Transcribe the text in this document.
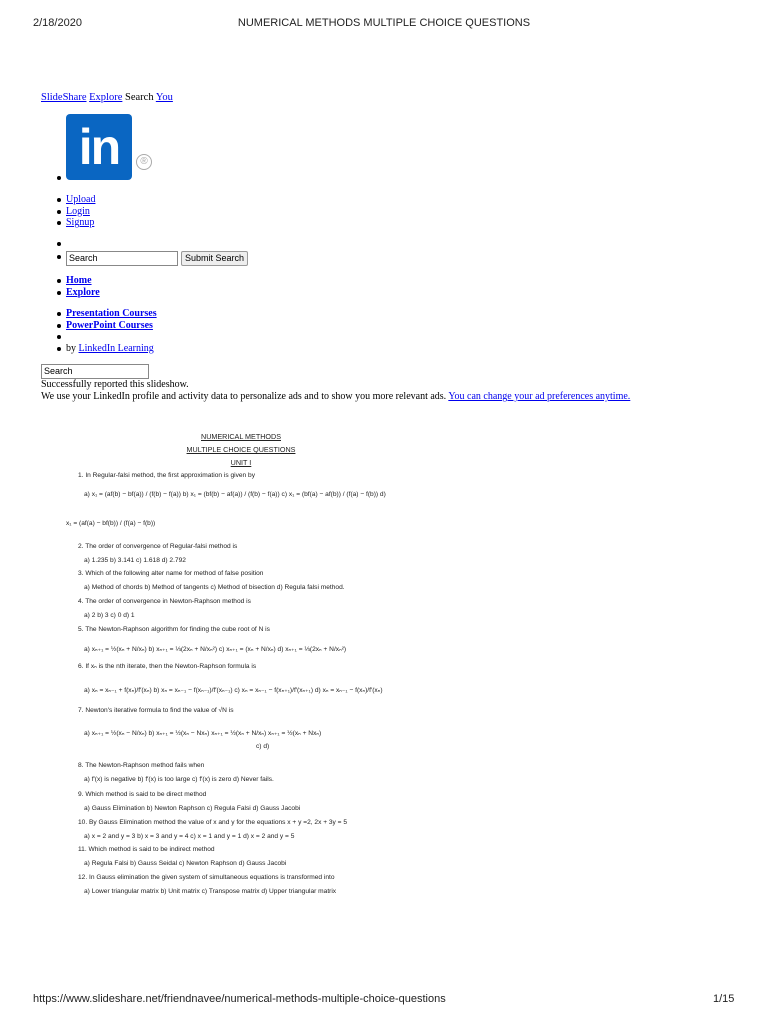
2/18/2020	NUMERICAL METHODS MULTIPLE CHOICE QUESTIONS
SlideShare Explore Search You
in	®

Upload
Login
Signup

Search	Submit Search
Home
Explore
Presentation Courses
PowerPoint Courses

by LinkedIn Learning
Search
Successfully reported this slideshow.
We use your LinkedIn profile and activity data to personalize ads and to show you more relevant ads. You can change your ad preferences anytime.
NUMERICAL METHODS
MULTIPLE CHOICE QUESTIONS
UNIT I
1. In Regular-falsi method, the first approximation is given by
a) x₁ = (af(b) − bf(a)) / (f(b) − f(a)) b) x₁ = (bf(b) − af(a)) / (f(b) − f(a)) c) x₁ = (bf(a) − af(b)) / (f(a) − f(b)) d)
x₁ = (af(a) − bf(b)) / (f(a) − f(b))
2. The order of convergence of Regular-falsi method is
a) 1.235 b) 3.141 c) 1.618 d) 2.792
3. Which of the following alter name for method of false position
a) Method of chords b) Method of tangents c) Method of bisection d) Regula falsi method.
4. The order of convergence in Newton-Raphson method is
a) 2 b) 3 c) 0 d) 1
5. The Newton-Raphson algorithm for finding the cube root of N is
a) xₙ₊₁ = ½(xₙ + N/xₙ) b) xₙ₊₁ = ⅓(2xₙ + N/xₙ²) c) xₙ₊₁ = (xₙ + N/xₙ) d) xₙ₊₁ = ⅓(2xₙ + N/xₙ²)
6. If xₙ is the nth iterate, then the Newton-Raphson formula is
a) xₙ = xₙ₋₁ + f(xₙ)/f′(xₙ) b) xₙ = xₙ₋₁ − f(xₙ₋₁)/f′(xₙ₋₁) c) xₙ = xₙ₋₁ − f(xₙ₊₁)/f′(xₙ₊₁) d) xₙ = xₙ₋₁ − f(xₙ)/f′(xₙ)
7. Newton's iterative formula to find the value of √N is
a) xₙ₊₁ = ½(xₙ − N/xₙ) b) xₙ₊₁ = ½(xₙ − Nxₙ) xₙ₊₁ = ½(xₙ + N/xₙ) xₙ₊₁ = ½(xₙ + Nxₙ)
c) d)
8. The Newton-Raphson method fails when
a) f′(x) is negative b) f′(x) is too large c) f′(x) is zero d) Never fails.
9. Which method is said to be direct method
a) Gauss Elimination b) Newton Raphson c) Regula Falsi d) Gauss Jacobi
10. By Gauss Elimination method the value of x and y for the equations x + y =2, 2x + 3y = 5
a) x = 2 and y = 3 b) x = 3 and y = 4 c) x = 1 and y = 1 d) x = 2 and y = 5
11. Which method is said to be indirect method
a) Regula Falsi b) Gauss Seidal c) Newton Raphson d) Gauss Jacobi
12. In Gauss elimination the given system of simultaneous equations is transformed into
a) Lower triangular matrix b) Unit matrix c) Transpose matrix d) Upper triangular matrix
https://www.slideshare.net/friendnavee/numerical-methods-multiple-choice-questions	1/15
